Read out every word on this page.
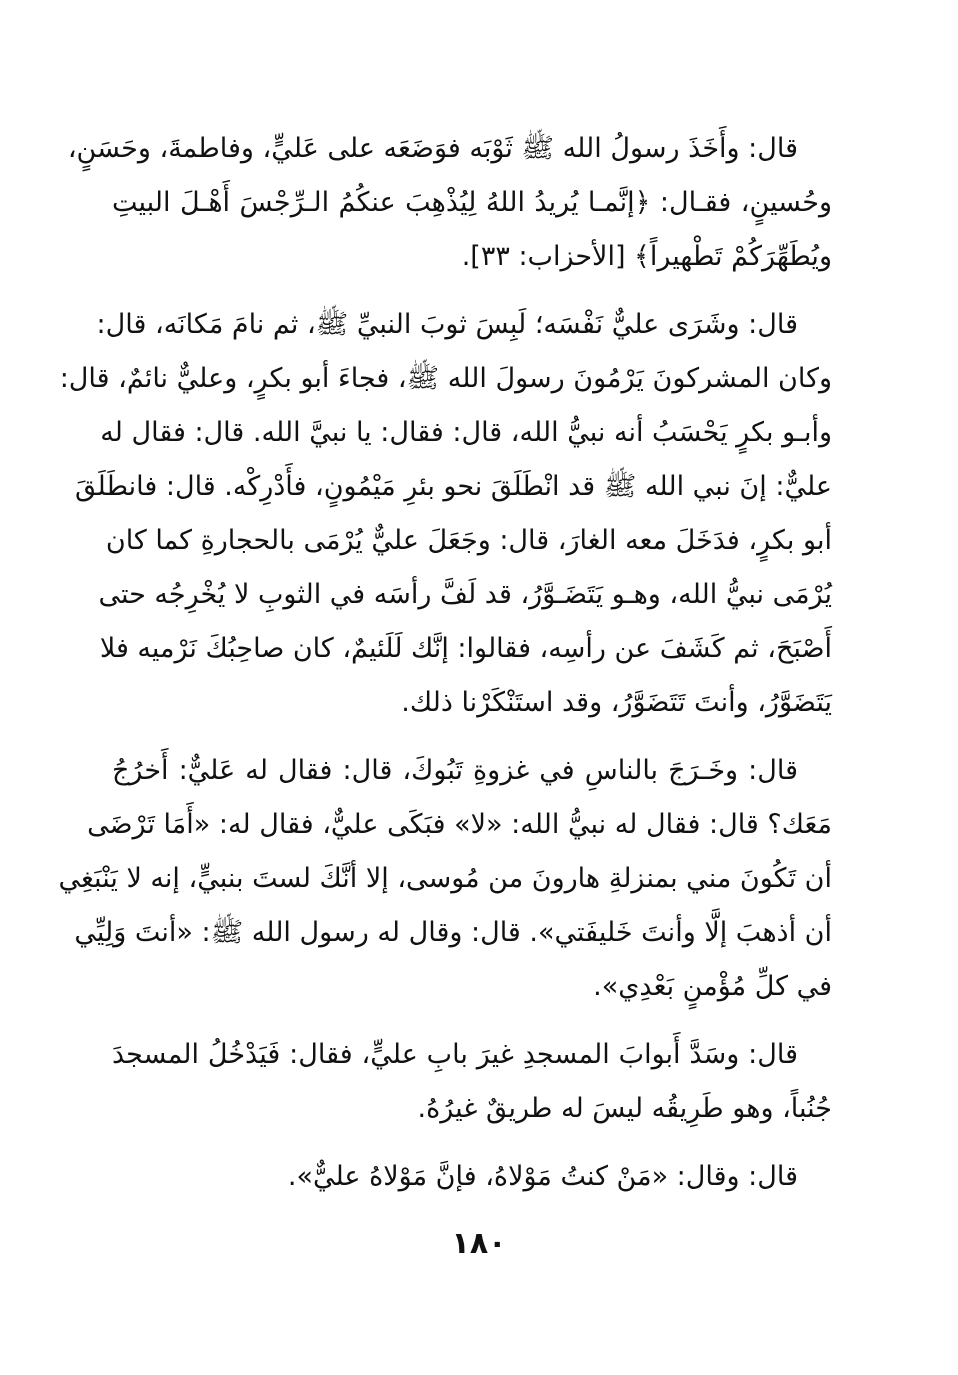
قال: وأَخَذَ رسولُ الله ﷺ ثَوْبَه فوَضَعَه على عَليٍّ، وفاطمةَ، وحَسَنٍ،
وحُسينٍ، فقـال: ﴿إنَّمـا يُريدُ اللهُ لِيُذْهِبَ عنكُمُ الـرِّجْسَ أَهْـلَ البيتِ
ويُطَهِّرَكُمْ تَطْهيراً﴾ [الأحزاب: ٣٣].
قال: وشَرَى عليٌّ نَفْسَه؛ لَبِسَ ثوبَ النبيِّ ﷺ، ثم نامَ مَكانَه، قال:
وكان المشركونَ يَرْمُونَ رسولَ الله ﷺ، فجاءَ أبو بكرٍ، وعليٌّ نائمٌ، قال:
وأبـو بكرٍ يَحْسَبُ أنه نبيُّ الله، قال: فقال: يا نبيَّ الله. قال: فقال له
عليٌّ: إنَ نبي الله ﷺ قد انْطَلَقَ نحو بئرِ مَيْمُونٍ، فأَدْرِكْه. قال: فانطَلَقَ
أبو بكرٍ، فدَخَلَ معه الغارَ، قال: وجَعَلَ عليٌّ يُرْمَى بالحجارةِ كما كان
يُرْمَى نبيُّ الله، وهـو يَتَضَـوَّرُ، قد لَفَّ رأسَه في الثوبِ لا يُخْرِجُه حتى
أَصْبَحَ، ثم كَشَفَ عن رأسِه، فقالوا: إنَّك لَلَئيمٌ، كان صاحِبُكَ نَرْميه فلا
يَتَضَوَّرُ، وأنتَ تَتَضَوَّرُ، وقد استَنْكَرْنا ذلك.
قال: وخَـرَجَ بالناسِ في غزوةِ تَبُوكَ، قال: فقال له عَليٌّ: أَخرُجُ
مَعَك؟ قال: فقال له نبيُّ الله: «لا» فبَكَى عليٌّ، فقال له: «أَمَا تَرْضَى
أن تَكُونَ مني بمنزلةِ هارونَ من مُوسى، إلا أنَّكَ لستَ بنبيٍّ، إنه لا يَنْبَغِي
أن أذهبَ إلَّا وأنتَ خَليفَتي». قال: وقال له رسول الله ﷺ: «أنتَ وَلِيِّي
في كلِّ مُؤْمنٍ بَعْدِي».
قال: وسَدَّ أَبوابَ المسجدِ غيرَ بابِ عليٍّ، فقال: فَيَدْخُلُ المسجدَ
جُنُباً، وهو طَرِيقُه ليسَ له طريقٌ غيرُهُ.
قال: وقال: «مَنْ كنتُ مَوْلاهُ، فإنَّ مَوْلاهُ عليٌّ».
١٨٠
